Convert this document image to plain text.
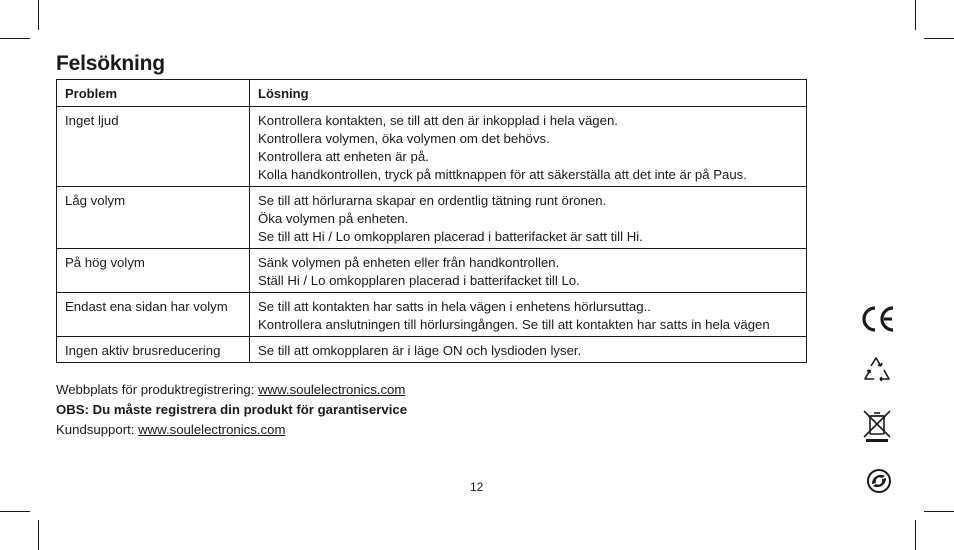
Felsökning
Problem	Lösning
Inget ljud	Kontrollera kontakten, se till att den är inkopplad i hela vägen.
Kontrollera volymen, öka volymen om det behövs.
Kontrollera att enheten är på.
Kolla handkontrollen, tryck på mittknappen för att säkerställa att det inte är på Paus.

Låg volym	Se till att hörlurarna skapar en ordentlig tätning runt öronen.
Öka volymen på enheten.
Se till att Hi / Lo omkopplaren placerad i batterifacket är satt till Hi.

På hög volym	Sänk volymen på enheten eller från handkontrollen.
Ställ Hi / Lo omkopplaren placerad i batterifacket till Lo.

Endast ena sidan har volym	Se till att kontakten har satts in hela vägen i enhetens hörlursuttag..
Kontrollera anslutningen till hörlursingången. Se till att kontakten har satts in hela vägen

Ingen aktiv brusreducering	Se till att omkopplaren är i läge ON och lysdioden lyser.
Webbplats för produktregistrering: www.soulelectronics.com
OBS: Du måste registrera din produkt för garantiservice
Kundsupport: www.soulelectronics.com
12
